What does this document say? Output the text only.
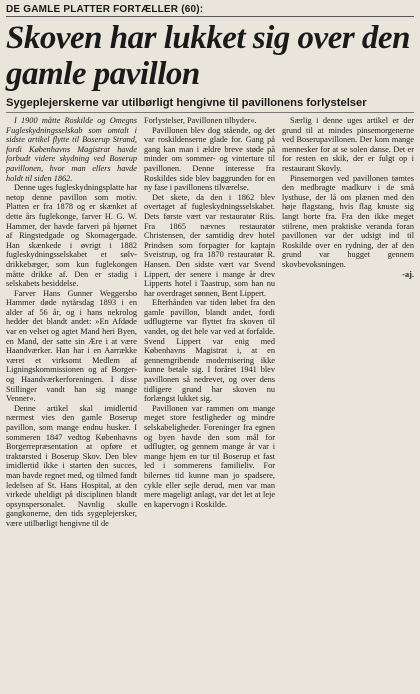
DE GAMLE PLATTER FORTÆLLER (60):
Skoven har lukket sig over den gamle pavillon
Sygeplejerskerne var utilbørligt hengivne til pavillonens forlystelser

I 1900 måtte Roskilde og Omegns Fugleskydningsselskab som omtalt i sidste artikel flytte til Boserup Strand, fordi Københavns Magistrat havde forbudt videre skydning ved Boserup pavillonen, hvor man ellers havde holdt til siden 1862.

Denne uges fugleskydningsplatte har netop denne pavillon som motiv. Platten er fra 1878 og er skænket af dette års fuglekonge, farver H. G. W. Hammer, der havde farveri på hjørnet af Ringstedgade og Skomagergade. Han skænkede i øvrigt i 1882 fugleskydningsselskabet et sølv-drikkebæger, som kun fuglekongen måtte drikke af. Den er stadig i selskabets besiddelse.

Farver Hans Gunner Weggersbo Hammer døde nytårsdag 1893 i en alder af 56 år, og i hans nekrolog hedder det blandt andet: »En Afdøde var en velset og agtet Mand heri Byen, en Mand, der satte sin Ære i at være Haandværker. Han har i en Aarrække været et virksomt Medlem af Ligningskommissionen og af Borger- og Haandværkerforeningen. I disse Stillinger vandt han sig mange Venner«.

Denne artikel skal imidlertid nærmest vies den gamle Boserup pavillon, som mange endnu husker. I sommeren 1847 vedtog Københavns Borgerrepræsentation at opføre et traktørsted i Boserup Skov. Den blev imidlertid ikke i starten den succes, man havde regnet med, og tilmed fandt ledelsen af St. Hans Hospital, at den virkede uheldigt på disciplinen blandt opsynspersonalet. Navnlig skulle gangkonerne, den tids sygeplejersker, være utilbørligt hengivne til de

Forlystelser, Pavillonen tilbyder«.

Pavillonen blev dog stående, og det var roskildenserne glade for. Gang på gang kan man i ældre breve støde på minder om sommer- og vinterture til pavillonen. Denne interesse fra Roskildes side blev baggrunden for en ny fase i pavillonens tilværelse.

Det skete, da den i 1862 blev overtaget af fugleskydningsselskabet. Dets første vært var restauratør Riis. Fra 1865 nævnes restauratør Christensen, der samtidig drev hotel Prindsen som forpagter for kaptajn Sveistrup, og fra 1870 restauratør R. Hansen. Den sidste vært var Svend Lippert, der senere i mange år drev Lipperts hotel i Taastrup, som han nu har overdraget sønnen, Bent Lippert.

Efterhånden var tiden løbet fra den gamle pavillon, blandt andet, fordi udflugterne var flyttet fra skoven til vandet, og det hele var ved at forfalde. Svend Lippert var enig med Københavns Magistrat i, at en gennemgribende modernisering ikke kunne betale sig. I foråret 1941 blev pavillonen så nedrevet, og over dens tidligere grund har skoven nu forlængst lukket sig.

Pavillonen var rammen om mange meget store festligheder og mindre selskabeligheder. Foreninger fra egnen og byen havde den som mål for udflugter, og gennem mange år var i mange hjem en tur til Boserup et fast led i sommerens familieliv. For bilernes tid kunne man jo spadsere, cykle eller sejle derud, men var man mere mageligt anlagt, var det let at leje en kapervogn i Roskilde.

Særlig i denne uges artikel er der grund til at mindes pinsemorgenerne ved Boserupavillonen. Der kom mange mennesker for at se solen danse. Det er for resten en skik, der er fulgt op i restaurant Skovly.

Pinsemorgen ved pavillonen tømtes den medbragte madkurv i de små lysthuse, der lå om plænen med den høje flagstang, hvis flag knuste sig langt borte fra. Fra den ikke meget stilrene, men praktiske veranda foran pavillonen var der udsigt ind til Roskilde over en rydning, der af den grund var hugget gennem skovbevoksningen.

-aj.
